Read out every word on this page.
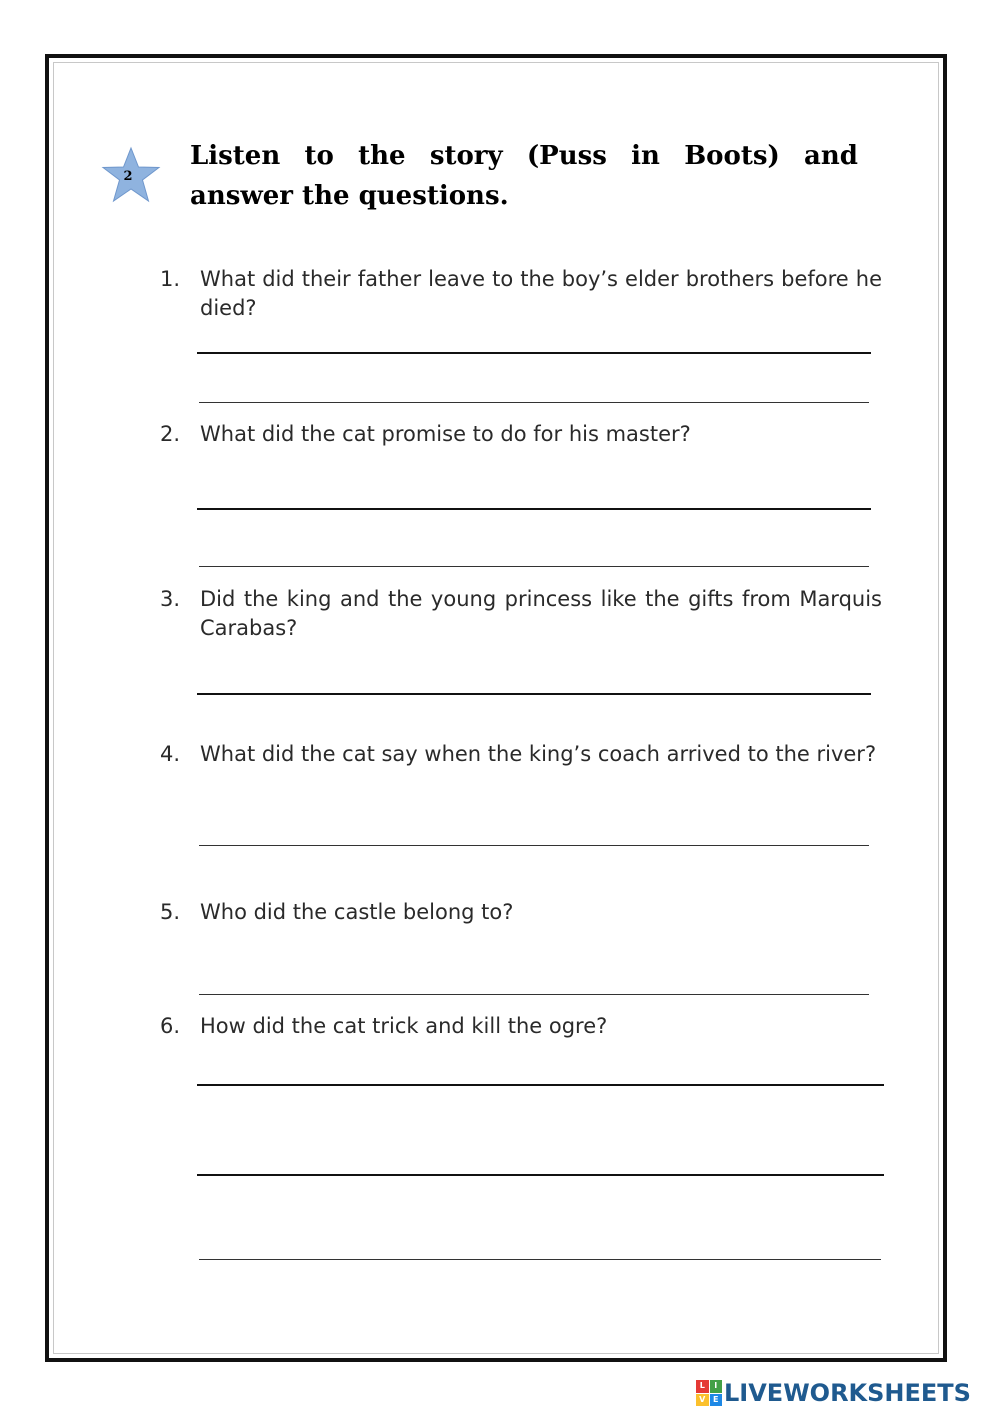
2
Listen to the story (Puss in Boots) and answer the questions.
1. What did their father leave to the boy’s elder brothers before he died?
2. What did the cat promise to do for his master?
3. Did the king and the young princess like the gifts from Marquis Carabas?
4. What did the cat say when the king’s coach arrived to the river?
5. Who did the castle belong to?
6. How did the cat trick and kill the ogre?
L	I
V E LIVEWORKSHEETS
